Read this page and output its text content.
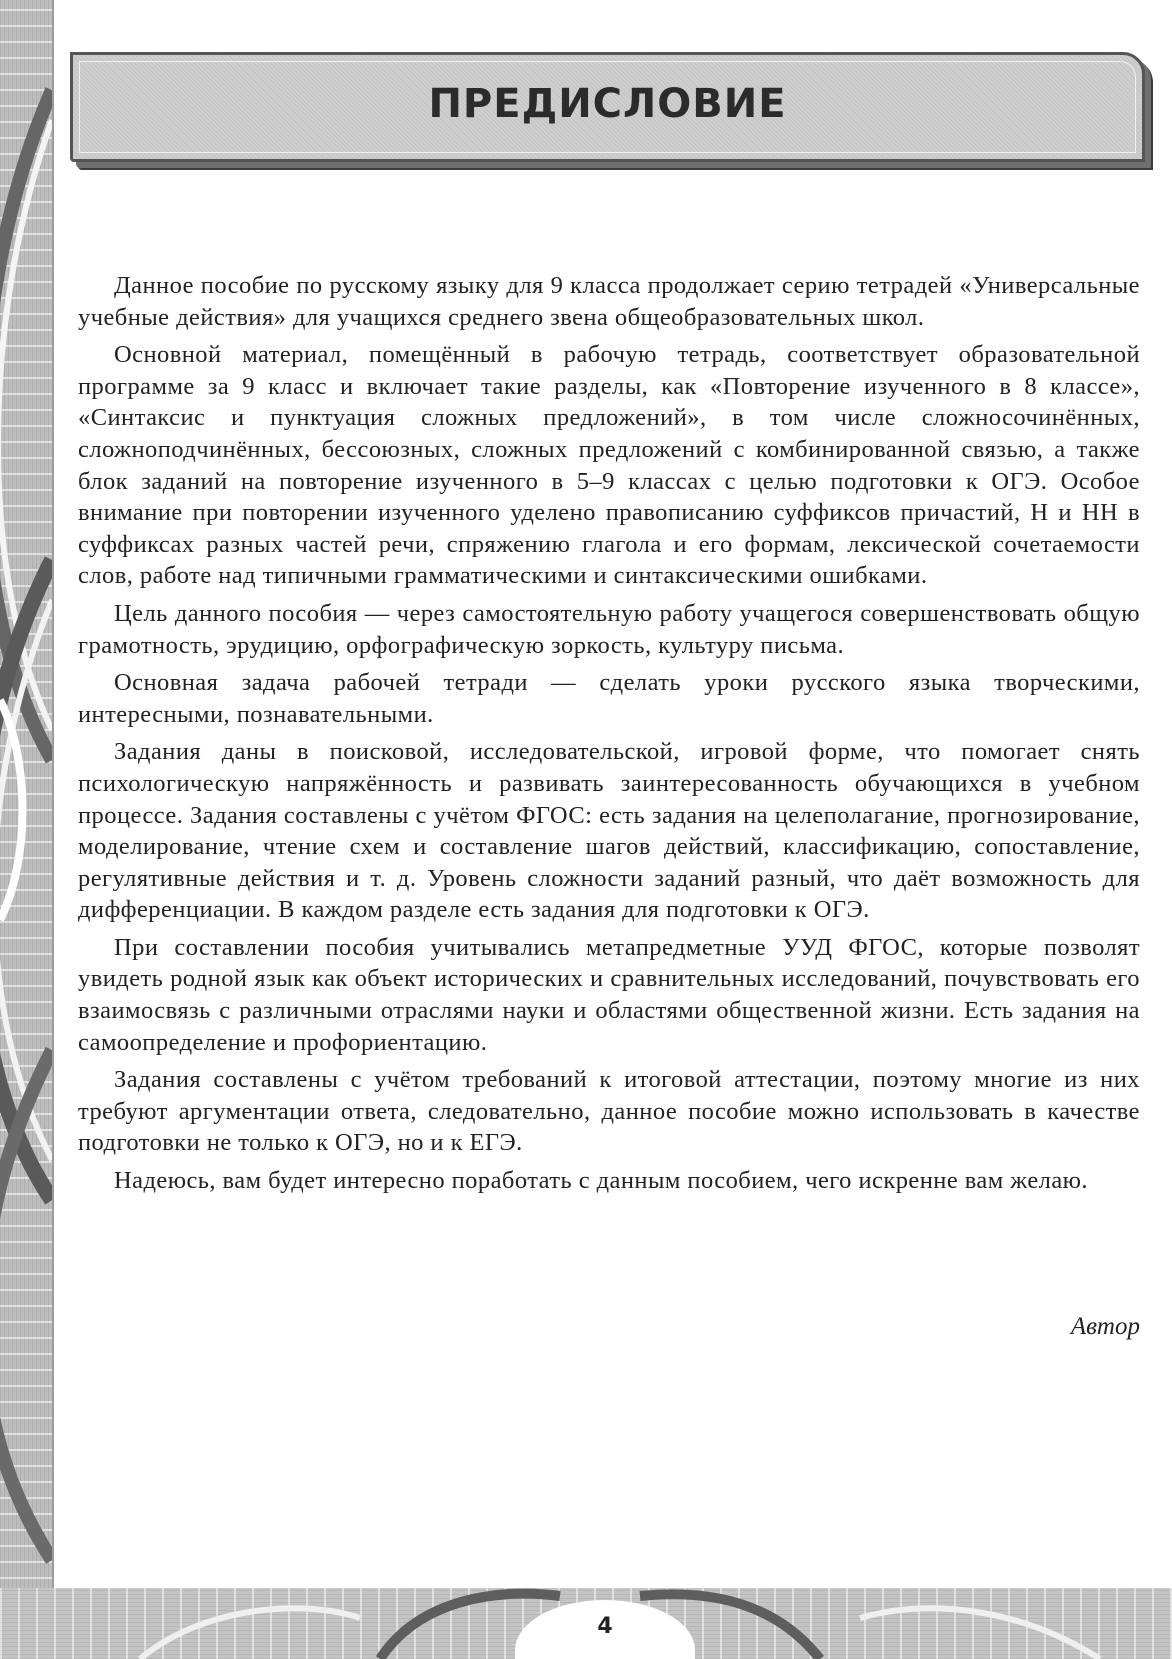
ПРЕДИСЛОВИЕ

Данное пособие по русскому языку для 9 класса продолжает серию тетрадей «Универсальные учебные действия» для учащихся среднего звена общеобразовательных школ.

Основной материал, помещённый в рабочую тетрадь, соответствует образовательной программе за 9 класс и включает такие разделы, как «Повторение изученного в 8 классе», «Синтаксис и пунктуация сложных предложений», в том числе сложносочинённых, сложноподчинённых, бессоюзных, сложных предложений с комбинированной связью, а также блок заданий на повторение изученного в 5–9 классах с целью подготовки к ОГЭ. Особое внимание при повторении изученного уделено правописанию суффиксов причастий, Н и НН в суффиксах разных частей речи, спряжению глагола и его формам, лексической сочетаемости слов, работе над типичными грамматическими и синтаксическими ошибками.

Цель данного пособия — через самостоятельную работу учащегося совершенствовать общую грамотность, эрудицию, орфографическую зоркость, культуру письма.

Основная задача рабочей тетради — сделать уроки русского языка творческими, интересными, познавательными.

Задания даны в поисковой, исследовательской, игровой форме, что помогает снять психологическую напряжённость и развивать заинтересованность обучающихся в учебном процессе. Задания составлены с учётом ФГОС: есть задания на целеполагание, прогнозирование, моделирование, чтение схем и составление шагов действий, классификацию, сопоставление, регулятивные действия и т. д. Уровень сложности заданий разный, что даёт возможность для дифференциации. В каждом разделе есть задания для подготовки к ОГЭ.

При составлении пособия учитывались метапредметные УУД ФГОС, которые позволят увидеть родной язык как объект исторических и сравнительных исследований, почувствовать его взаимосвязь с различными отраслями науки и областями общественной жизни. Есть задания на самоопределение и профориентацию.

Задания составлены с учётом требований к итоговой аттестации, поэтому многие из них требуют аргументации ответа, следовательно, данное пособие можно использовать в качестве подготовки не только к ОГЭ, но и к ЕГЭ.

Надеюсь, вам будет интересно поработать с данным пособием, чего искренне вам желаю.

Автор
4
